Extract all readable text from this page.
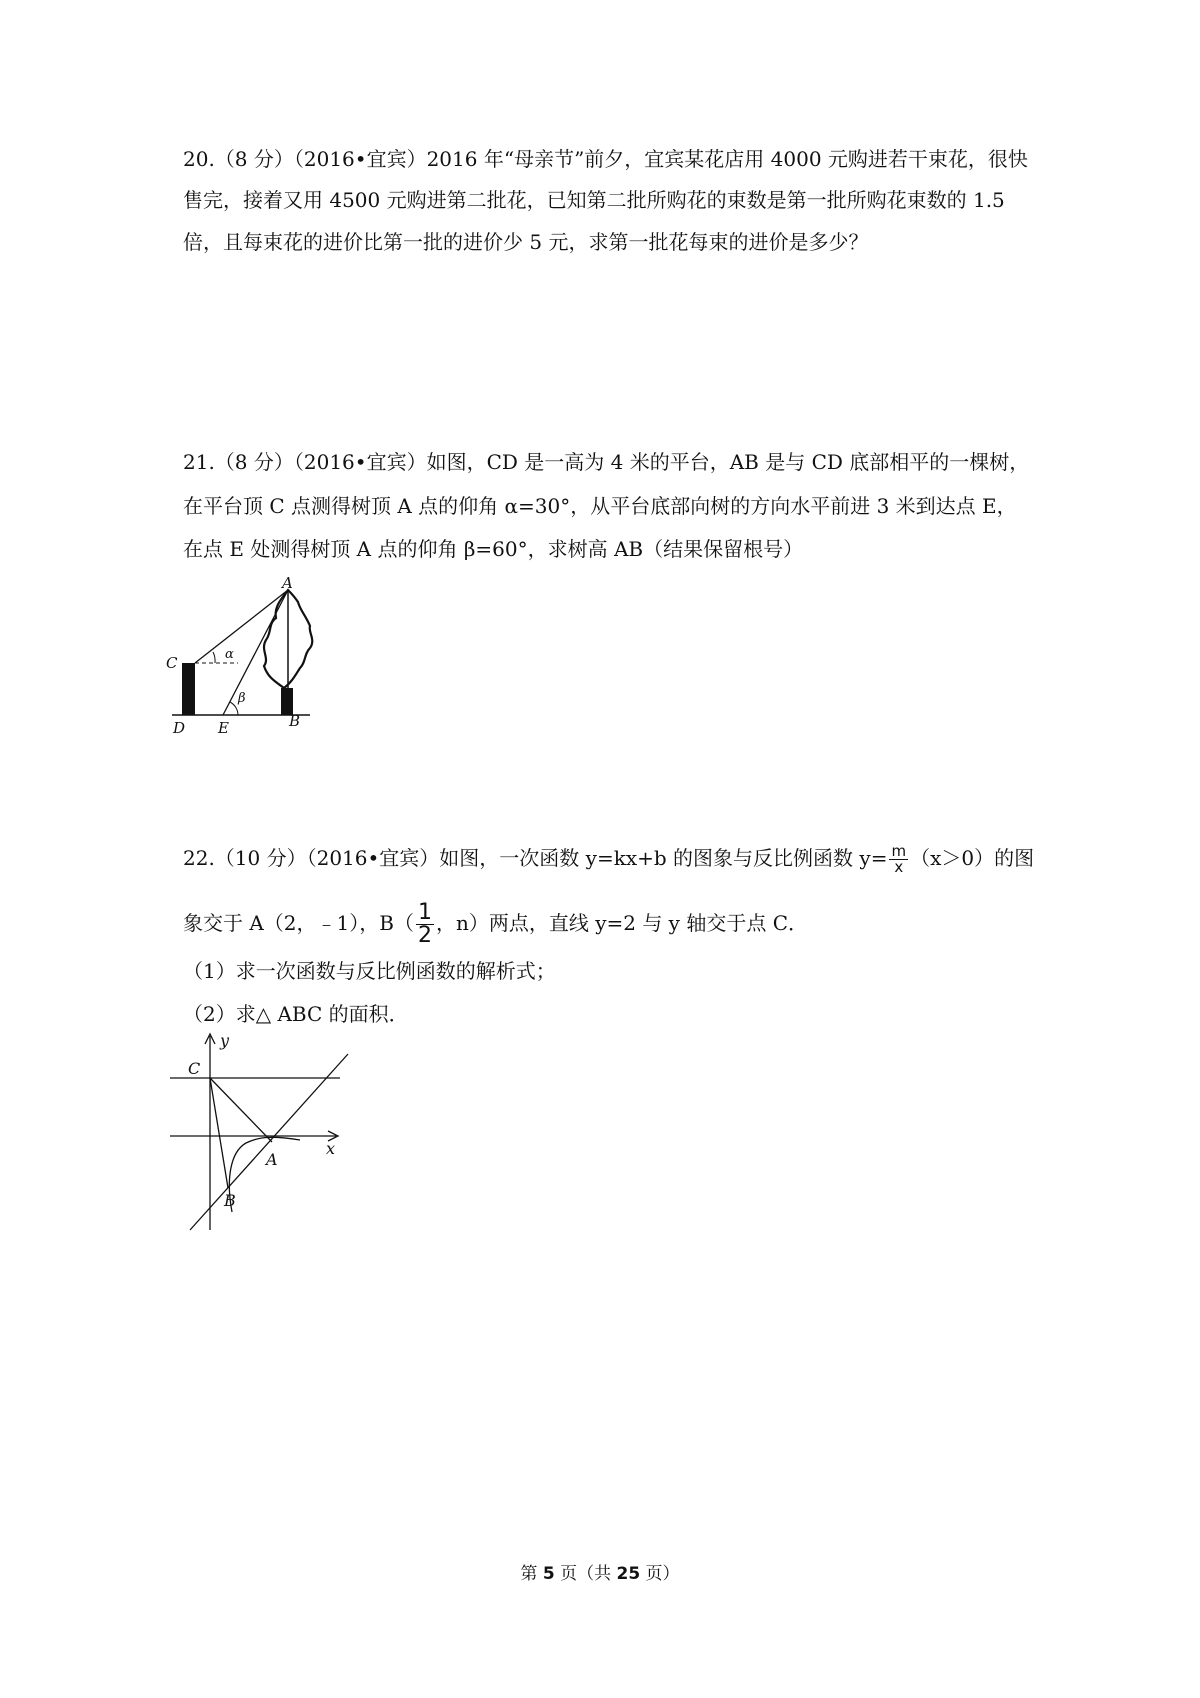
20.（8 分）（2016•宜宾）2016 年“母亲节”前夕，宜宾某花店用 4000 元购进若干束花，很快
售完，接着又用 4500 元购进第二批花，已知第二批所购花的束数是第一批所购花束数的 1.5
倍，且每束花的进价比第一批的进价少 5 元，求第一批花每束的进价是多少？
21.（8 分）（2016•宜宾）如图，CD 是一高为 4 米的平台，AB 是与 CD 底部相平的一棵树，
在平台顶 C 点测得树顶 A 点的仰角 α=30°，从平台底部向树的方向水平前进 3 米到达点 E，
在点 E 处测得树顶 A 点的仰角 β=60°，求树高 AB（结果保留根号）
A
C
D E	B
α
β
22.（10 分）（2016•宜宾）如图，一次函数 y=kx+b 的图象与反比例函数 $y= \frac{m}{x} (x>0)$的图
象交于 A（2，﹣1），$B( \frac{1}{2}$ ，n）两点，直线 y=2 与 y 轴交于点 C．
（1）求一次函数与反比例函数的解析式；
（2）求△ ABC 的面积．
y
x
C
A
B
第 5 页（共 25 页）
